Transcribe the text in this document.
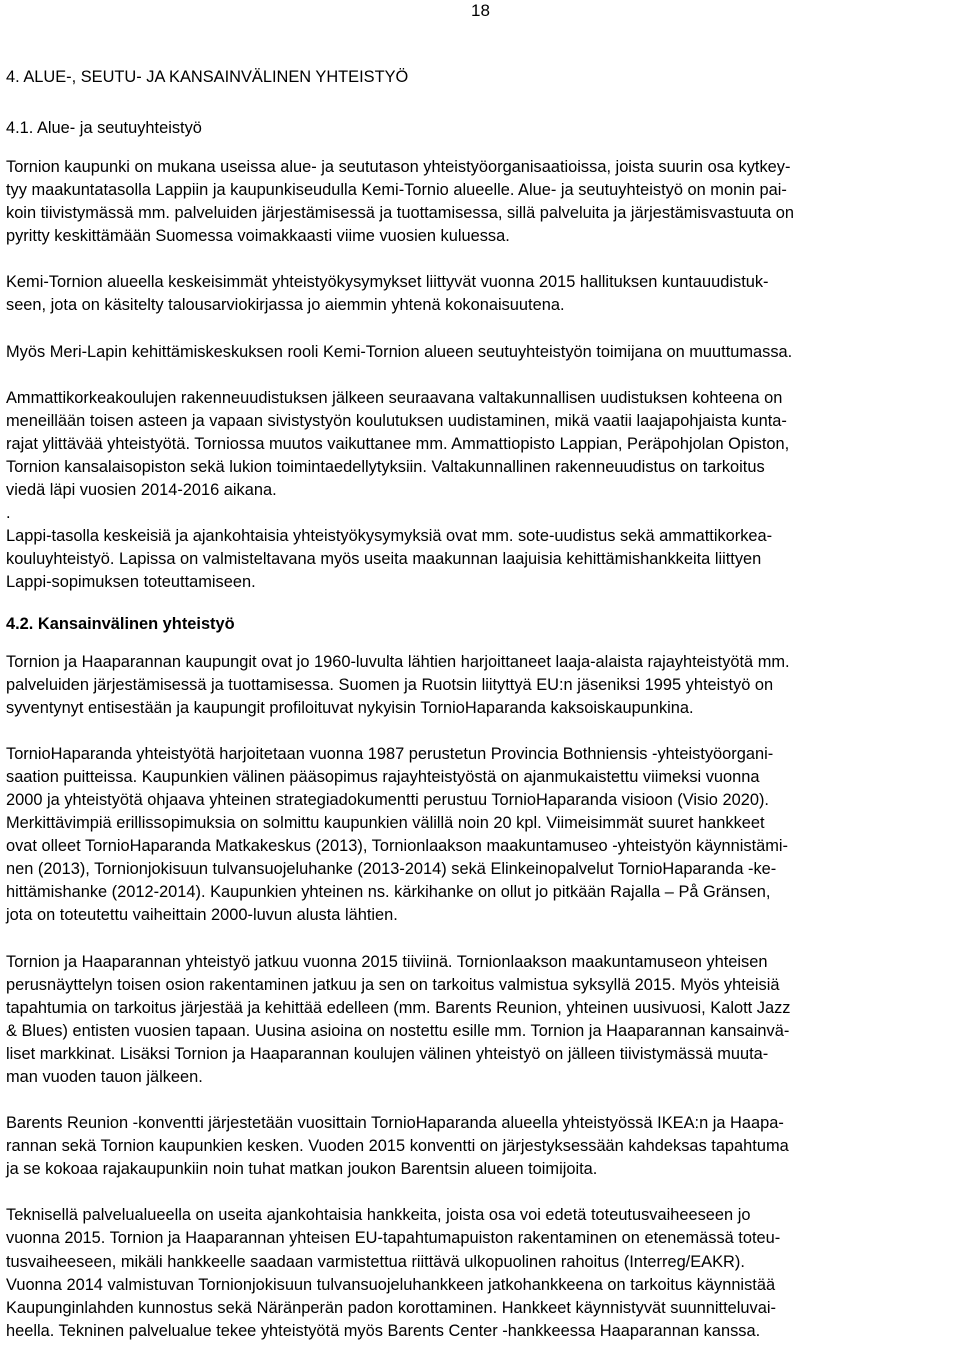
18
4. ALUE-, SEUTU- JA KANSAINVÄLINEN YHTEISTYÖ
4.1. Alue- ja seutuyhteistyö

Tornion kaupunki on mukana useissa alue- ja seututason yhteistyöorganisaatioissa, joista suurin osa kytkey-
tyy maakuntatasolla Lappiin ja kaupunkiseudulla Kemi-Tornio alueelle. Alue- ja seutuyhteistyö on monin pai-
koin tiivistymässä mm. palveluiden järjestämisessä ja tuottamisessa, sillä palveluita ja järjestämisvastuuta on
pyritty keskittämään Suomessa voimakkaasti viime vuosien kuluessa.

Kemi-Tornion alueella keskeisimmät yhteistyökysymykset liittyvät vuonna 2015 hallituksen kuntauudistuk-
seen, jota on käsitelty talousarviokirjassa jo aiemmin yhtenä kokonaisuutena.

Myös Meri-Lapin kehittämiskeskuksen rooli Kemi-Tornion alueen seutuyhteistyön toimijana on muuttumassa.

Ammattikorkeakoulujen rakenneuudistuksen jälkeen seuraavana valtakunnallisen uudistuksen kohteena on
meneillään toisen asteen ja vapaan sivistystyön koulutuksen uudistaminen, mikä vaatii laajapohjaista kunta-
rajat ylittävää yhteistyötä. Torniossa muutos vaikuttanee mm. Ammattiopisto Lappian, Peräpohjolan Opiston,
Tornion kansalaisopiston sekä lukion toimintaedellytyksiin. Valtakunnallinen rakenneuudistus on tarkoitus
viedä läpi vuosien 2014-2016 aikana.
.
Lappi-tasolla keskeisiä ja ajankohtaisia yhteistyökysymyksiä ovat mm. sote-uudistus sekä ammattikorkea-
kouluyhteistyö. Lapissa on valmisteltavana myös useita maakunnan laajuisia kehittämishankkeita liittyen
Lappi-sopimuksen toteuttamiseen.

4.2. Kansainvälinen yhteistyö

Tornion ja Haaparannan kaupungit ovat jo 1960-luvulta lähtien harjoittaneet laaja-alaista rajayhteistyötä mm.
palveluiden järjestämisessä ja tuottamisessa. Suomen ja Ruotsin liityttyä EU:n jäseniksi 1995 yhteistyö on
syventynyt entisestään ja kaupungit profiloituvat nykyisin TornioHaparanda kaksoiskaupunkina.

TornioHaparanda yhteistyötä harjoitetaan vuonna 1987 perustetun Provincia Bothniensis -yhteistyöorgani-
saation puitteissa. Kaupunkien välinen pääsopimus rajayhteistyöstä on ajanmukaistettu viimeksi vuonna
2000 ja yhteistyötä ohjaava yhteinen strategiadokumentti perustuu TornioHaparanda visioon (Visio 2020).
Merkittävimpiä erillissopimuksia on solmittu kaupunkien välillä noin 20 kpl. Viimeisimmät suuret hankkeet
ovat olleet TornioHaparanda Matkakeskus (2013), Tornionlaakson maakuntamuseo -yhteistyön käynnistämi-
nen (2013), Tornionjokisuun tulvansuojeluhanke (2013-2014) sekä Elinkeinopalvelut TornioHaparanda -ke-
hittämishanke (2012-2014). Kaupunkien yhteinen ns. kärkihanke on ollut jo pitkään Rajalla – På Gränsen,
jota on toteutettu vaiheittain 2000-luvun alusta lähtien.

Tornion ja Haaparannan yhteistyö jatkuu vuonna 2015 tiiviinä. Tornionlaakson maakuntamuseon yhteisen
perusnäyttelyn toisen osion rakentaminen jatkuu ja sen on tarkoitus valmistua syksyllä 2015. Myös yhteisiä
tapahtumia on tarkoitus järjestää ja kehittää edelleen (mm. Barents Reunion, yhteinen uusivuosi, Kalott Jazz
& Blues) entisten vuosien tapaan. Uusina asioina on nostettu esille mm. Tornion ja Haaparannan kansainvä-
liset markkinat. Lisäksi Tornion ja Haaparannan koulujen välinen yhteistyö on jälleen tiivistymässä muuta-
man vuoden tauon jälkeen.

Barents Reunion -konventti järjestetään vuosittain TornioHaparanda alueella yhteistyössä IKEA:n ja Haapa-
rannan sekä Tornion kaupunkien kesken. Vuoden 2015 konventti on järjestyksessään kahdeksas tapahtuma
ja se kokoaa rajakaupunkiin noin tuhat matkan joukon Barentsin alueen toimijoita.

Teknisellä palvelualueella on useita ajankohtaisia hankkeita, joista osa voi edetä toteutusvaiheeseen jo
vuonna 2015. Tornion ja Haaparannan yhteisen EU-tapahtumapuiston rakentaminen on etenemässä toteu-
tusvaiheeseen, mikäli hankkeelle saadaan varmistettua riittävä ulkopuolinen rahoitus (Interreg/EAKR).
Vuonna 2014 valmistuvan Tornionjokisuun tulvansuojeluhankkeen jatkohankkeena on tarkoitus käynnistää
Kaupunginlahden kunnostus sekä Näränperän padon korottaminen. Hankkeet käynnistyvät suunnitteluvai-
heella. Tekninen palvelualue tekee yhteistyötä myös Barents Center -hankkeessa Haaparannan kanssa.
